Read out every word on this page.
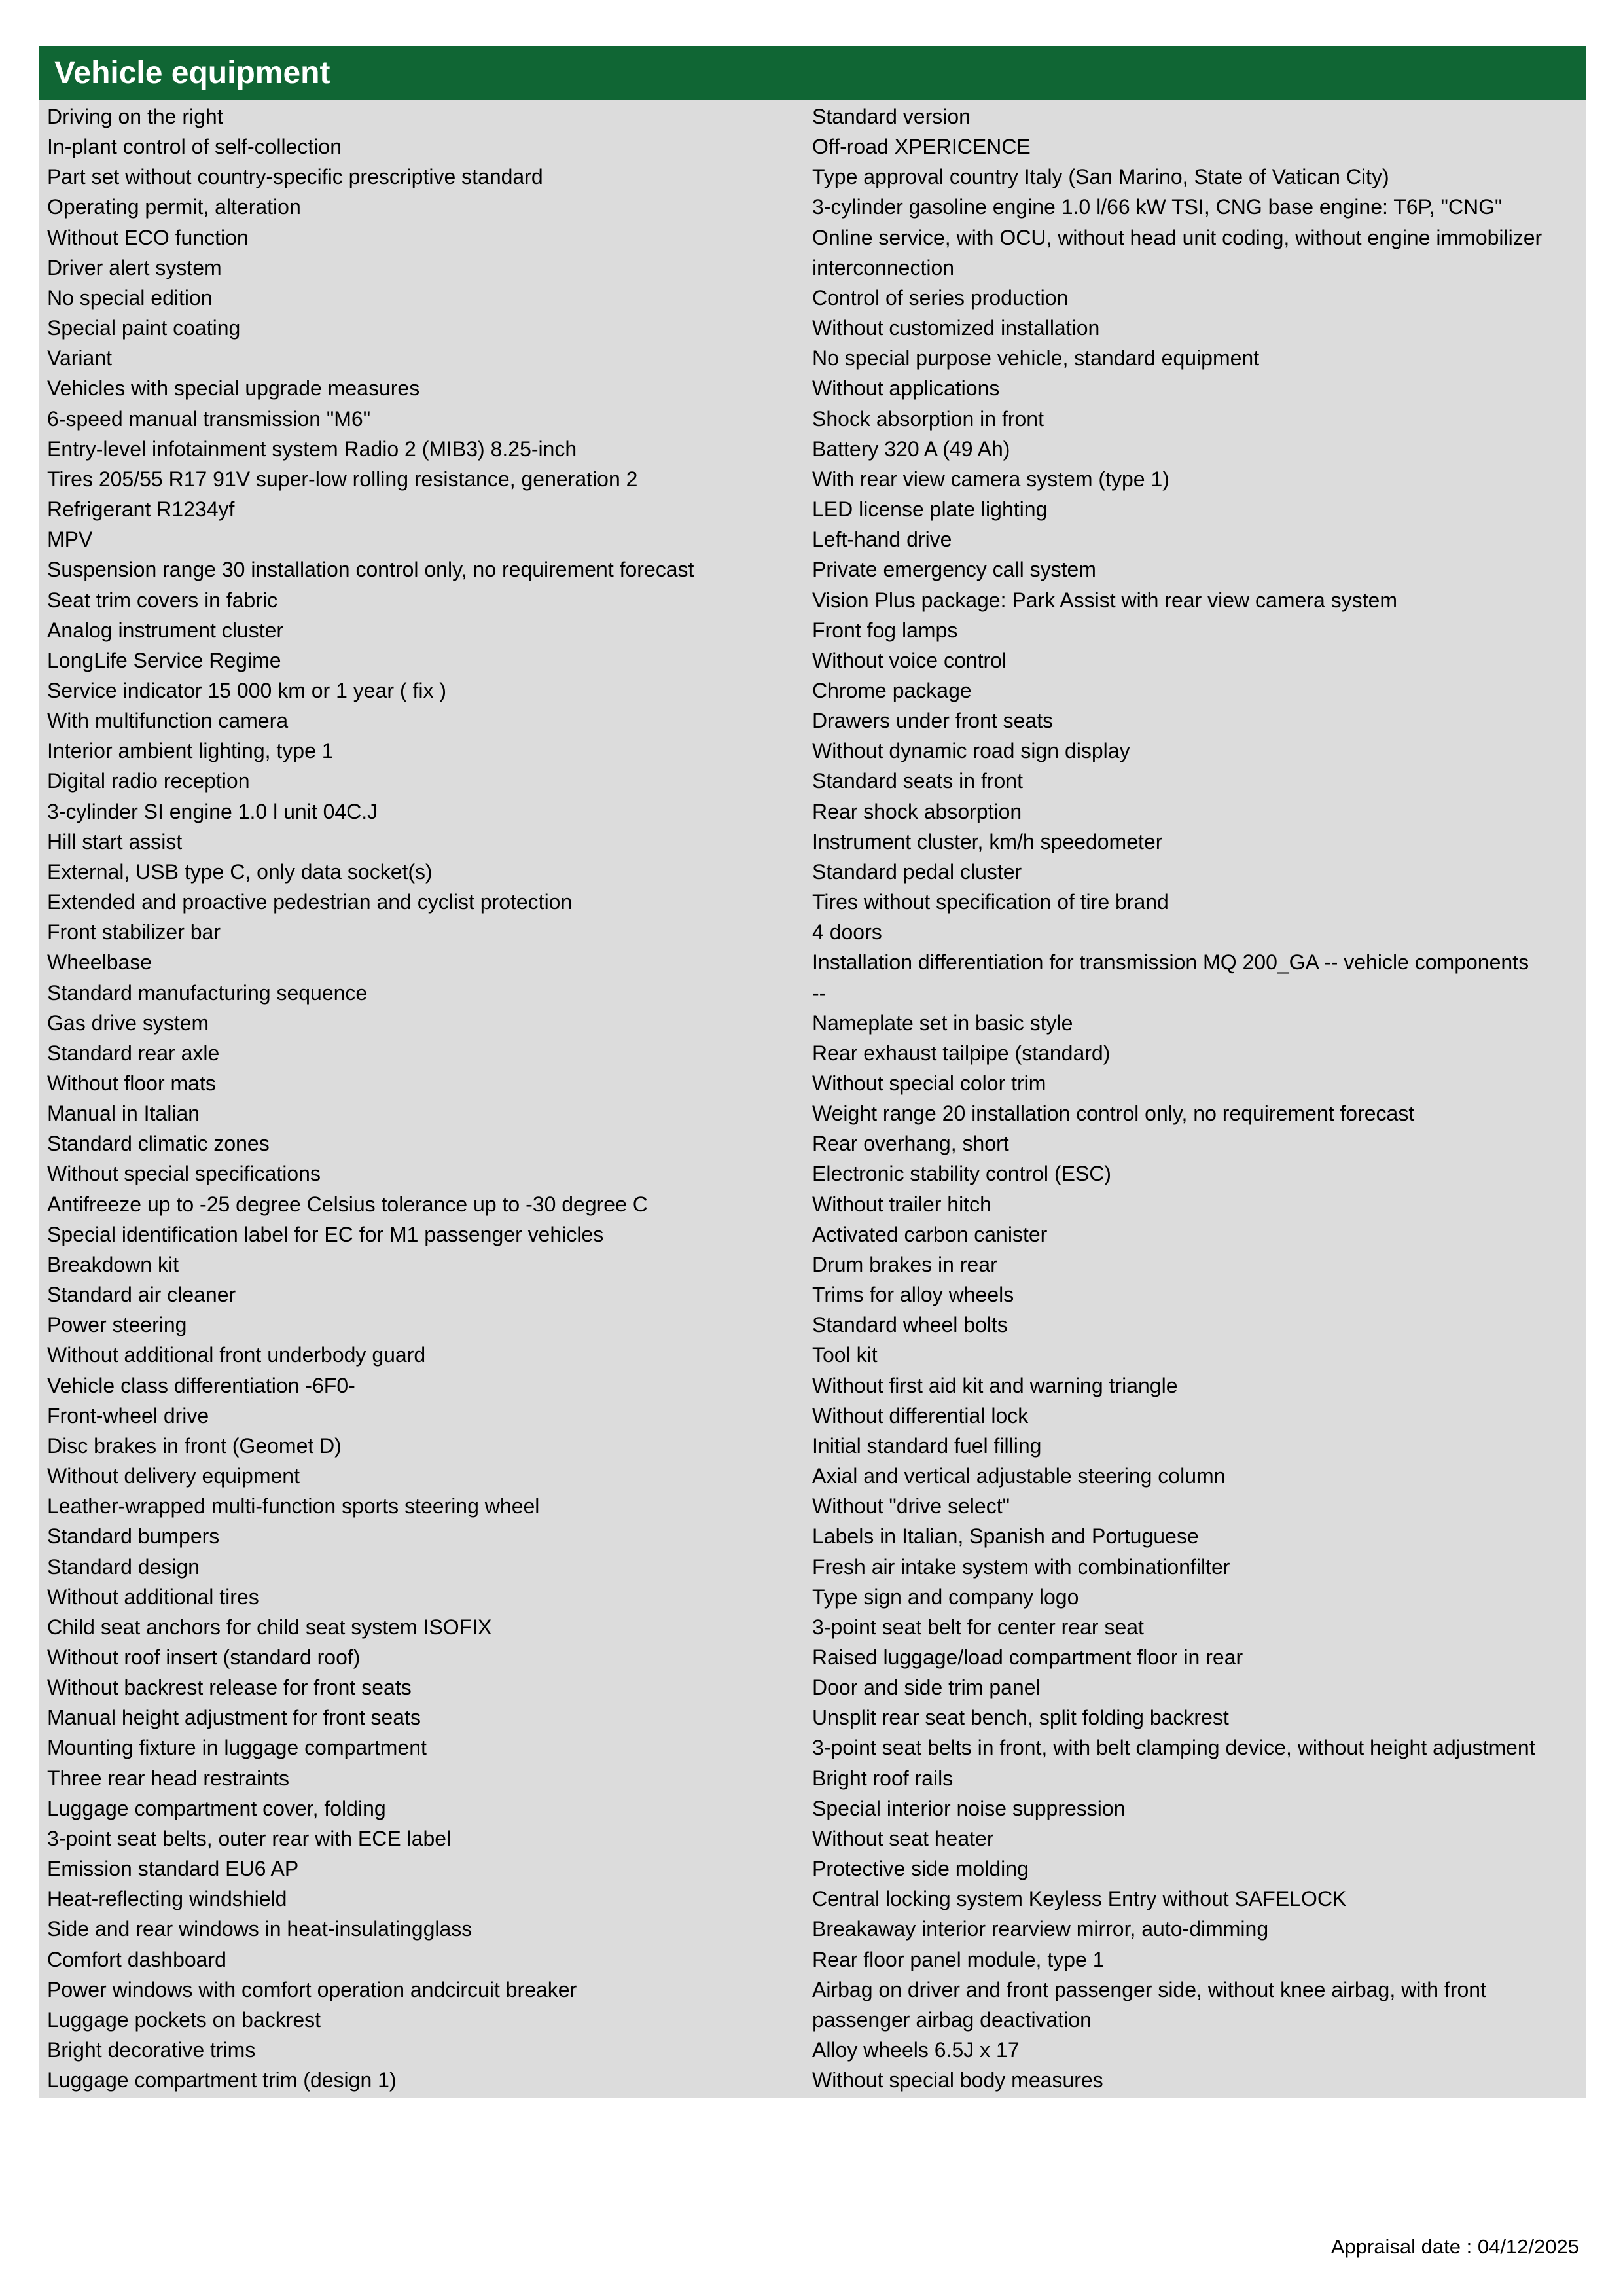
Vehicle equipment
Driving on the right
In-plant control of self-collection
Part set without country-specific prescriptive standard
Operating permit, alteration
Without ECO function
Driver alert system
No special edition
Special paint coating
Variant
Vehicles with special upgrade measures
6-speed manual transmission "M6"
Entry-level infotainment system Radio 2 (MIB3) 8.25-inch
Tires 205/55 R17 91V super-low rolling resistance, generation 2
Refrigerant R1234yf
MPV
Suspension range 30 installation control only, no requirement forecast
Seat trim covers in fabric
Analog instrument cluster
LongLife Service Regime
Service indicator 15 000 km or 1 year ( fix )
With multifunction camera
Interior ambient lighting, type 1
Digital radio reception
3-cylinder SI engine 1.0 l unit 04C.J
Hill start assist
External, USB type C, only data socket(s)
Extended and proactive pedestrian and cyclist protection
Front stabilizer bar
Wheelbase
Standard manufacturing sequence
Gas drive system
Standard rear axle
Without floor mats
Manual in Italian
Standard climatic zones
Without special specifications
Antifreeze up to -25 degree Celsius tolerance up to -30 degree C
Special identification label for EC for M1 passenger vehicles
Breakdown kit
Standard air cleaner
Power steering
Without additional front underbody guard
Vehicle class differentiation -6F0-
Front-wheel drive
Disc brakes in front (Geomet D)
Without delivery equipment
Leather-wrapped multi-function sports steering wheel
Standard bumpers
Standard design
Without additional tires
Child seat anchors for child seat system ISOFIX
Without roof insert (standard roof)
Without backrest release for front seats
Manual height adjustment for front seats
Mounting fixture in luggage compartment
Three rear head restraints
Luggage compartment cover, folding
3-point seat belts, outer rear with ECE label
Emission standard EU6 AP
Heat-reflecting windshield
Side and rear windows in heat-insulatingglass
Comfort dashboard
Power windows with comfort operation andcircuit breaker
Luggage pockets on backrest
Bright decorative trims
Luggage compartment trim (design 1)
Standard version
Off-road XPERICENCE
Type approval country Italy (San Marino, State of Vatican City)
3-cylinder gasoline engine 1.0 l/66 kW TSI, CNG base engine: T6P, "CNG"
Online service, with OCU, without head unit coding, without engine immobilizer interconnection
Control of series production
Without customized installation
No special purpose vehicle, standard equipment
Without applications
Shock absorption in front
Battery 320 A (49 Ah)
With rear view camera system (type 1)
LED license plate lighting
Left-hand drive
Private emergency call system
Vision Plus package: Park Assist with rear view camera system
Front fog lamps
Without voice control
Chrome package
Drawers under front seats
Without dynamic road sign display
Standard seats in front
Rear shock absorption
Instrument cluster, km/h speedometer
Standard pedal cluster
Tires without specification of tire brand
4 doors
Installation differentiation for transmission MQ 200_GA -- vehicle components
--
Nameplate set in basic style
Rear exhaust tailpipe (standard)
Without special color trim
Weight range 20 installation control only, no requirement forecast
Rear overhang, short
Electronic stability control (ESC)
Without trailer hitch
Activated carbon canister
Drum brakes in rear
Trims for alloy wheels
Standard wheel bolts
Tool kit
Without first aid kit and warning triangle
Without differential lock
Initial standard fuel filling
Axial and vertical adjustable steering column
Without "drive select"
Labels in Italian, Spanish and Portuguese
Fresh air intake system with combinationfilter
Type sign and company logo
3-point seat belt for center rear seat
Raised luggage/load compartment floor in rear
Door and side trim panel
Unsplit rear seat bench, split folding backrest
3-point seat belts in front, with belt clamping device, without height adjustment
Bright roof rails
Special interior noise suppression
Without seat heater
Protective side molding
Central locking system Keyless Entry without SAFELOCK
Breakaway interior rearview mirror, auto-dimming
Rear floor panel module, type 1
Airbag on driver and front passenger side, without knee airbag, with front passenger airbag deactivation
Alloy wheels 6.5J x 17
Without special body measures
Appraisal date : 04/12/2025
